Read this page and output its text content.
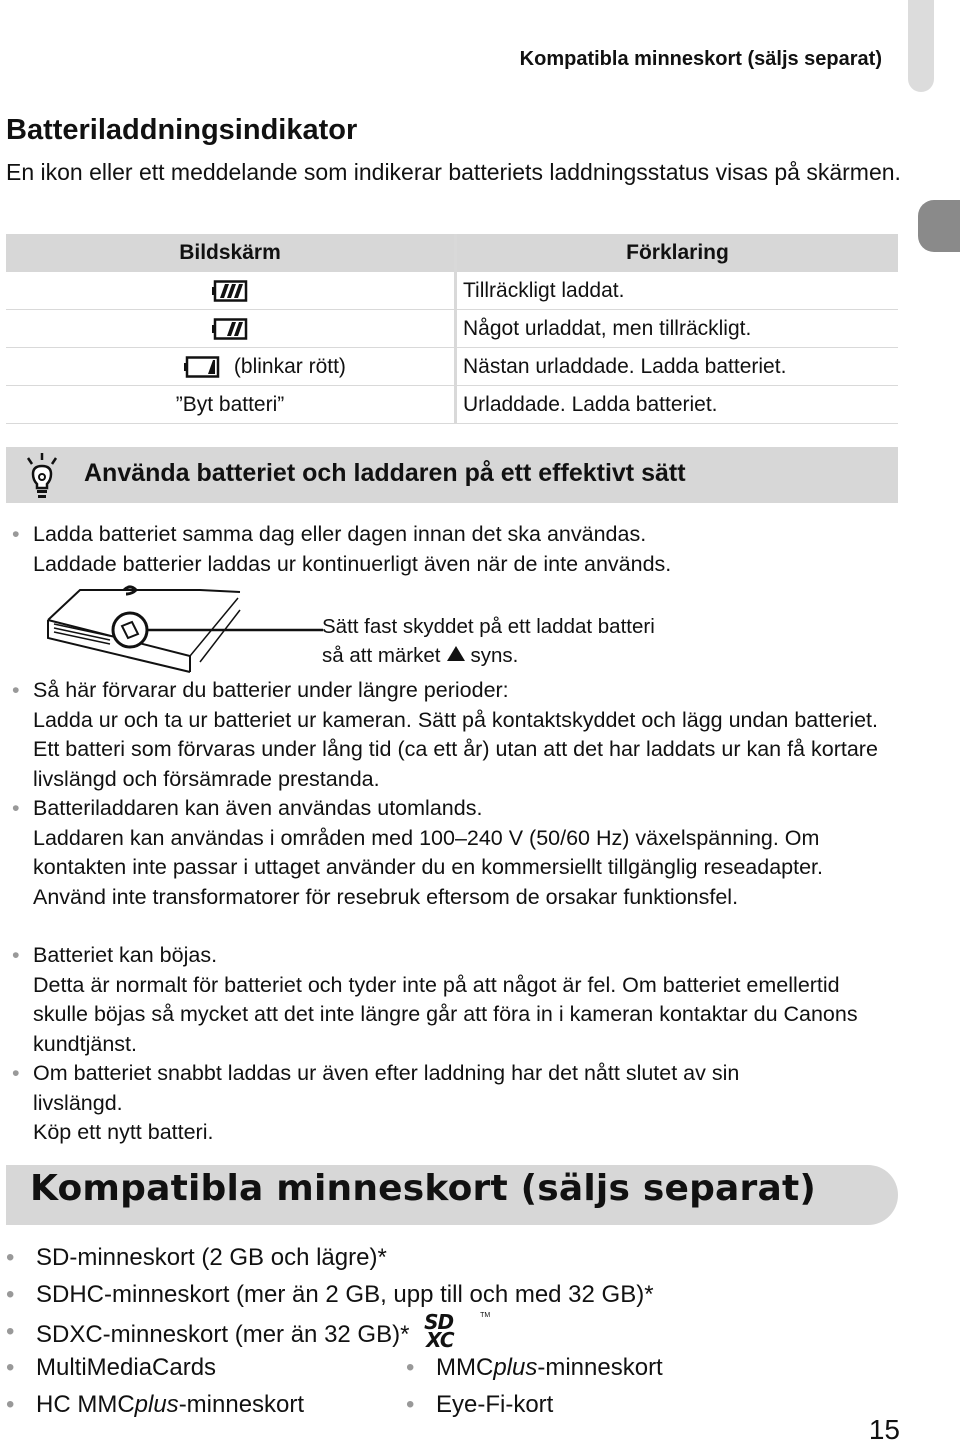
Kompatibla minneskort (säljs separat)
Batteriladdningsindikator
En ikon eller ett meddelande som indikerar batteriets laddningsstatus visas på skärmen.
Bildskärm	Förklaring
	Tillräckligt laddat.
	Något urladdat, men tillräckligt.
(blinkar rött)	Nästan urladdade. Ladda batteriet.
”Byt batteri”	Urladdade. Ladda batteriet.
Använda batteriet och laddaren på ett effektivt sätt

• Ladda batteriet samma dag eller dagen innan det ska användas.

Laddade batterier laddas ur kontinuerligt även när de inte används.

Sätt fast skyddet på ett laddat batteri
så att märket syns.

• Så här förvarar du batterier under längre perioder:

Ladda ur och ta ur batteriet ur kameran. Sätt på kontaktskyddet och lägg undan batteriet. Ett batteri som förvaras under lång tid (ca ett år) utan att det har laddats ur kan få kortare livslängd och försämrade prestanda.

• Batteriladdaren kan även användas utomlands.

Laddaren kan användas i områden med 100–240 V (50/60 Hz) växelspänning. Om kontakten inte passar i uttaget använder du en kommersiellt tillgänglig reseadapter. Använd inte transformatorer för resebruk eftersom de orsakar funktionsfel.

• Batteriet kan böjas.

Detta är normalt för batteriet och tyder inte på att något är fel. Om batteriet emellertid skulle böjas så mycket att det inte längre går att föra in i kameran kontaktar du Canons kundtjänst.

• Om batteriet snabbt laddas ur även efter laddning har det nått slutet av sin livslängd.

Köp ett nytt batteri.

Kompatibla minneskort (säljs separat)
• SD-minneskort (2 GB och lägre)*
• SDHC-minneskort (mer än 2 GB, upp till och med 32 GB)*
• SDXC-minneskort (mer än 32 GB)* SD
XC
TM
• MultiMediaCards	• MMCplus-minneskort
• HC MMCplus-minneskort	• Eye-Fi-kort
15
